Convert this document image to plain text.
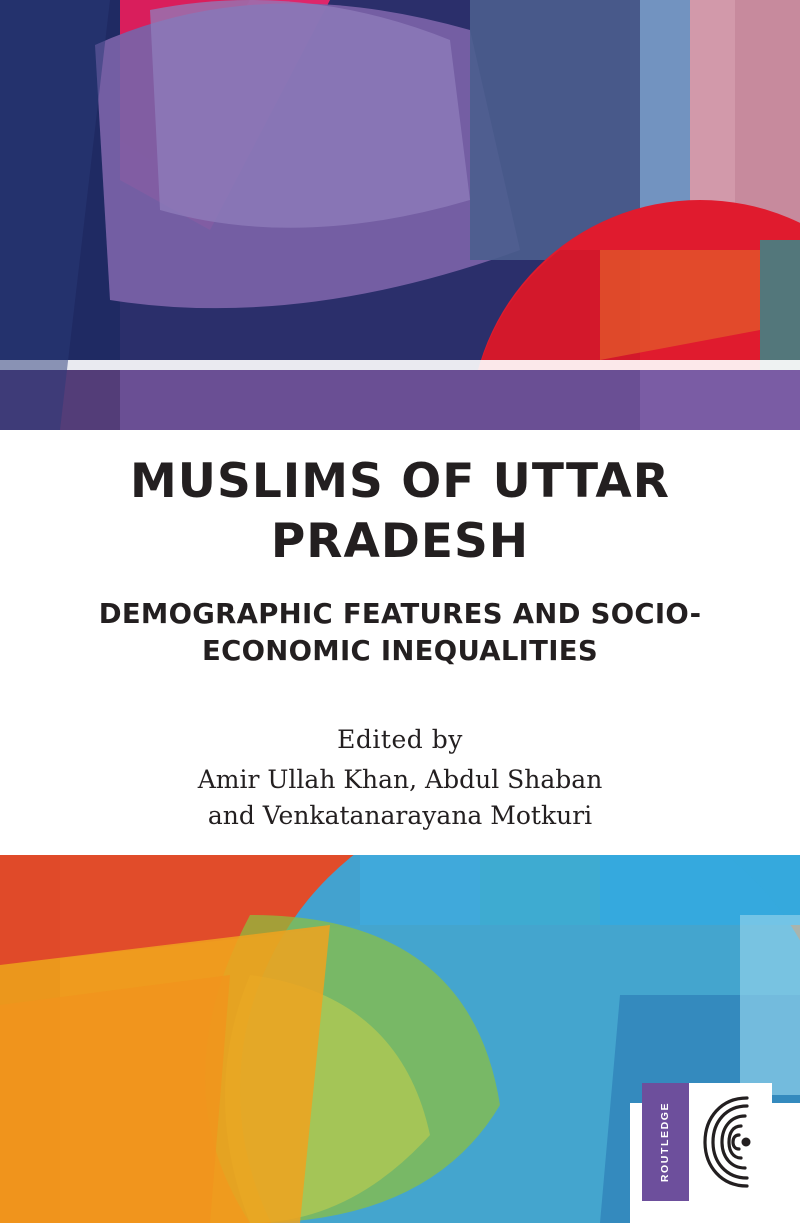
MUSLIMS OF UTTAR PRADESH
DEMOGRAPHIC FEATURES AND SOCIO-ECONOMIC INEQUALITIES

Edited by

Amir Ullah Khan, Abdul Shaban
and Venkatanarayana Motkuri

ROUTLEDGE
